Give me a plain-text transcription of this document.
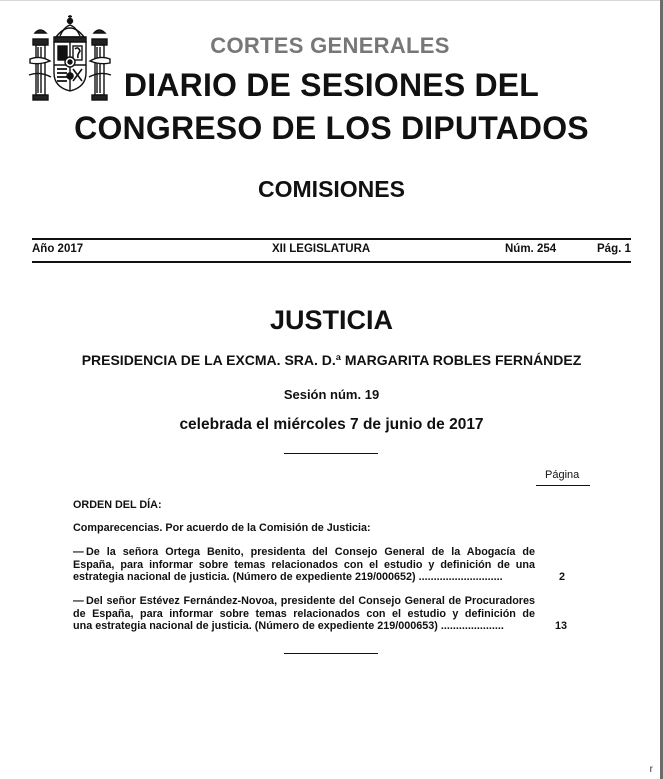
CORTES GENERALES
DIARIO DE SESIONES DEL
CONGRESO DE LOS DIPUTADOS
COMISIONES
Año 2017	XII LEGISLATURA	Núm. 254	Pág. 1
JUSTICIA
PRESIDENCIA DE LA EXCMA. SRA. D.ª MARGARITA ROBLES FERNÁNDEZ
Sesión núm. 19
celebrada el miércoles 7 de junio de 2017
Página
ORDEN DEL DÍA:
Comparecencias. Por acuerdo de la Comisión de Justicia:
— De la señora Ortega Benito, presidenta del Consejo General de la Abogacía de
España, para informar sobre temas relacionados con el estudio y definición de una
estrategia nacional de justicia. (Número de expediente 219/000652) ............................	2
— Del señor Estévez Fernández-Novoa, presidente del Consejo General de Procuradores
de España, para informar sobre temas relacionados con el estudio y definición de
una estrategia nacional de justicia. (Número de expediente 219/000653) .....................	13
r
